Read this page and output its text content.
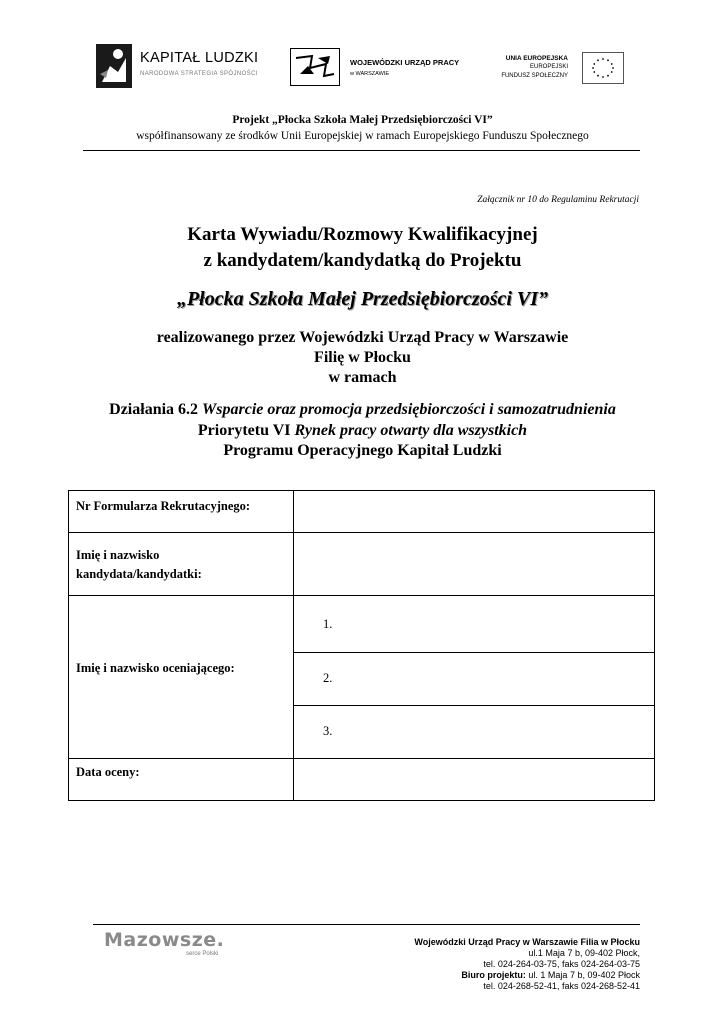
KAPITAŁ LUDZKI
NARODOWA STRATEGIA SPÓJNOŚCI
WOJEWÓDZKI URZĄD PRACY
w WARSZAWIE
UNIA EUROPEJSKA
EUROPEJSKI
FUNDUSZ SPOŁECZNY
Projekt „Płocka Szkoła Małej Przedsiębiorczości VI”
współfinansowany ze środków Unii Europejskiej w ramach Europejskiego Funduszu Społecznego
Załącznik nr 10 do Regulaminu Rekrutacji
Karta Wywiadu/Rozmowy Kwalifikacyjnej
z kandydatem/kandydatką do Projektu
„Płocka Szkoła Małej Przedsiębiorczości VI”
realizowanego przez Wojewódzki Urząd Pracy w Warszawie
Filię w Płocku
w ramach
Działania 6.2 Wsparcie oraz promocja przedsiębiorczości i samozatrudnienia
Priorytetu VI Rynek pracy otwarty dla wszystkich
Programu Operacyjnego Kapitał Ludzki
Nr Formularza Rekrutacyjnego:
Imię i nazwisko
kandydata/kandydatki:
Imię i nazwisko oceniającego:
1.
2.
3.
Data oceny:
Mazowsze.
serce Polski
Wojewódzki Urząd Pracy w Warszawie Filia w Płocku
ul.1 Maja 7 b, 09-402 Płock,
tel. 024-264-03-75, faks 024-264-03-75
Biuro projektu: ul. 1 Maja 7 b, 09-402 Płock
tel. 024-268-52-41, faks 024-268-52-41
